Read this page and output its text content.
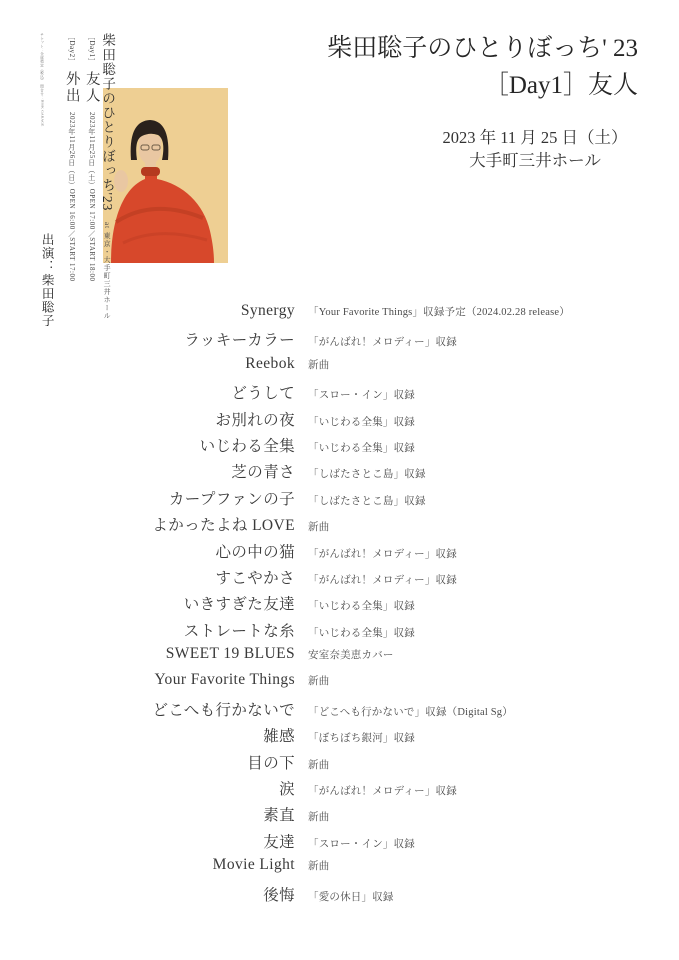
柴田聡子のひとりぼっち'23 at 東京・大手町三井ホール
［Day1］ 友人 2023年11月25日（土）OPEN 17:00／START 18:00
［Day2］ 外出 2023年11月26日（日）OPEN 16:00／START 17:00
チケット：全席指定（税込）　問合せ：DISK GARAGE
出演：柴田聡子
柴田聡子のひとりぼっち' 23
［Day1］友人
2023 年 11 月 25 日（土）
大手町三井ホール
Synergy 「Your Favorite Things」収録予定（2024.02.28 release）
ラッキーカラー 「がんばれ！メロディー」収録
Reebok 新曲
どうして 「スロー・イン」収録
お別れの夜 「いじわる全集」収録
いじわる全集 「いじわる全集」収録
芝の青さ 「しばたさとこ島」収録
カープファンの子 「しばたさとこ島」収録
よかったよね LOVE 新曲
心の中の猫 「がんばれ！メロディー」収録
すこやかさ 「がんばれ！メロディー」収録
いきすぎた友達 「いじわる全集」収録
ストレートな糸 「いじわる全集」収録
SWEET 19 BLUES 安室奈美恵カバー
Your Favorite Things 新曲
どこへも行かないで 「どこへも行かないで」収録（Digital Sg）
雑感 「ぼちぼち銀河」収録
目の下 新曲
涙 「がんばれ！メロディー」収録
素直 新曲
友達 「スロー・イン」収録
Movie Light 新曲
後悔 「愛の休日」収録
